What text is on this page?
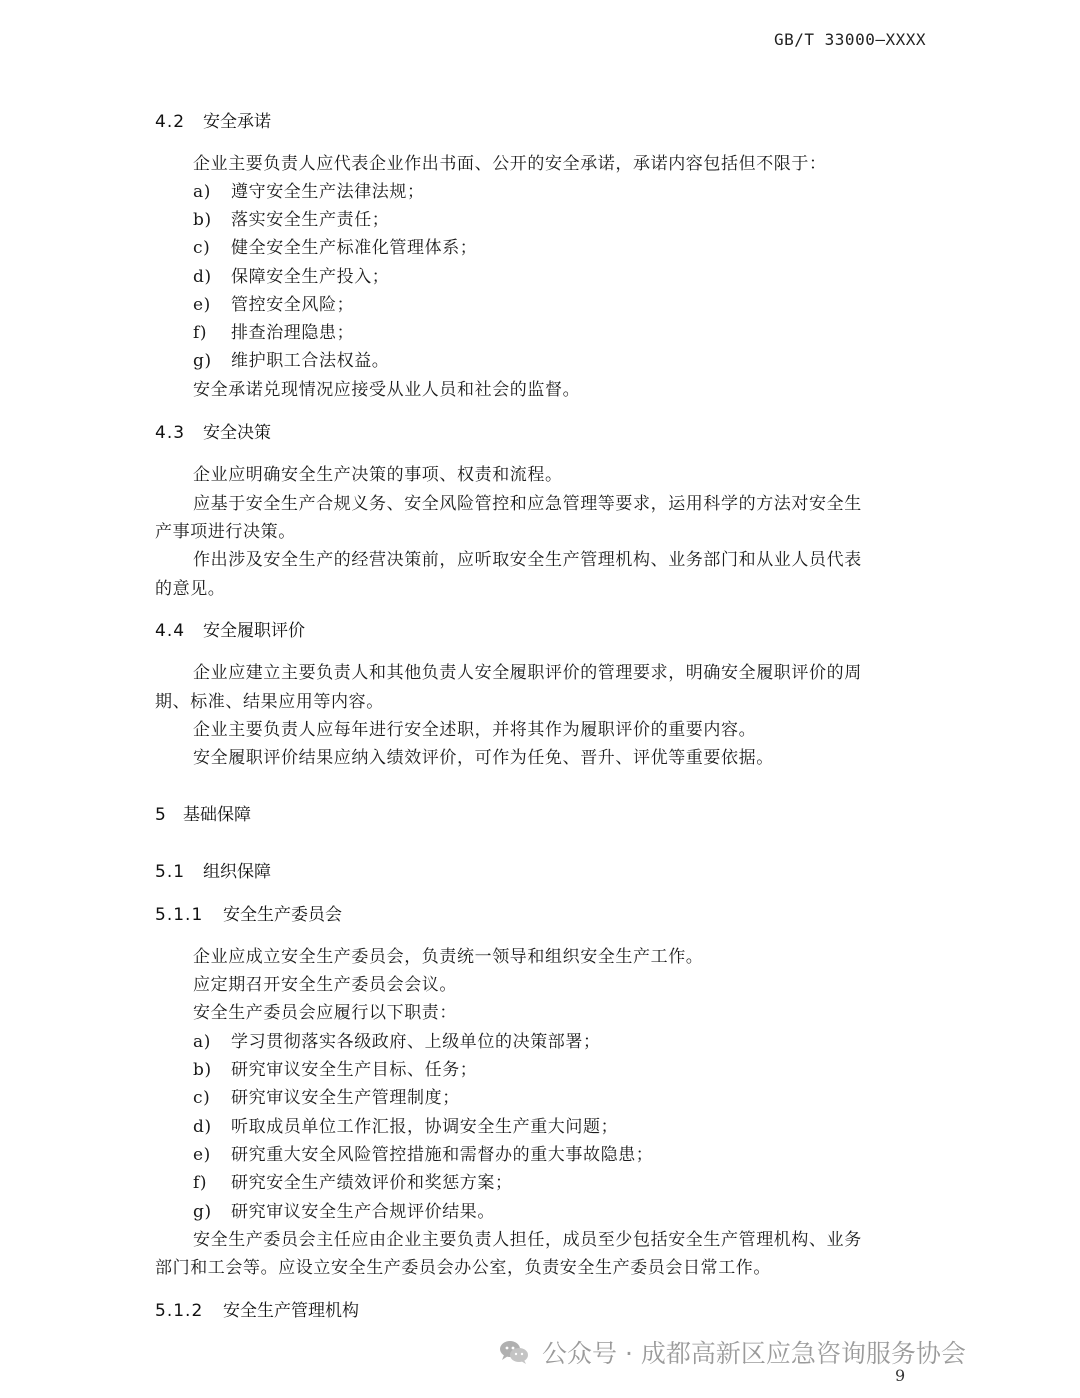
GB/T 33000—XXXX
4.2 安全承诺
企业主要负责人应代表企业作出书面、公开的安全承诺，承诺内容包括但不限于：
a) 遵守安全生产法律法规；
b) 落实安全生产责任；
c) 健全安全生产标准化管理体系；
d) 保障安全生产投入；
e) 管控安全风险；
f) 排查治理隐患；
g) 维护职工合法权益。
安全承诺兑现情况应接受从业人员和社会的监督。
4.3 安全决策
企业应明确安全生产决策的事项、权责和流程。
应基于安全生产合规义务、安全风险管控和应急管理等要求，运用科学的方法对安全生
产事项进行决策。
作出涉及安全生产的经营决策前，应听取安全生产管理机构、业务部门和从业人员代表
的意见。
4.4 安全履职评价
企业应建立主要负责人和其他负责人安全履职评价的管理要求，明确安全履职评价的周
期、标准、结果应用等内容。
企业主要负责人应每年进行安全述职，并将其作为履职评价的重要内容。
安全履职评价结果应纳入绩效评价，可作为任免、晋升、评优等重要依据。
5 基础保障
5.1 组织保障
5.1.1 安全生产委员会
企业应成立安全生产委员会，负责统一领导和组织安全生产工作。
应定期召开安全生产委员会会议。
安全生产委员会应履行以下职责：
a) 学习贯彻落实各级政府、上级单位的决策部署；
b) 研究审议安全生产目标、任务；
c) 研究审议安全生产管理制度；
d) 听取成员单位工作汇报，协调安全生产重大问题；
e) 研究重大安全风险管控措施和需督办的重大事故隐患；
f) 研究安全生产绩效评价和奖惩方案；
g) 研究审议安全生产合规评价结果。
安全生产委员会主任应由企业主要负责人担任，成员至少包括安全生产管理机构、业务
部门和工会等。应设立安全生产委员会办公室，负责安全生产委员会日常工作。
5.1.2 安全生产管理机构
公众号 · 成都高新区应急咨询服务协会
9
